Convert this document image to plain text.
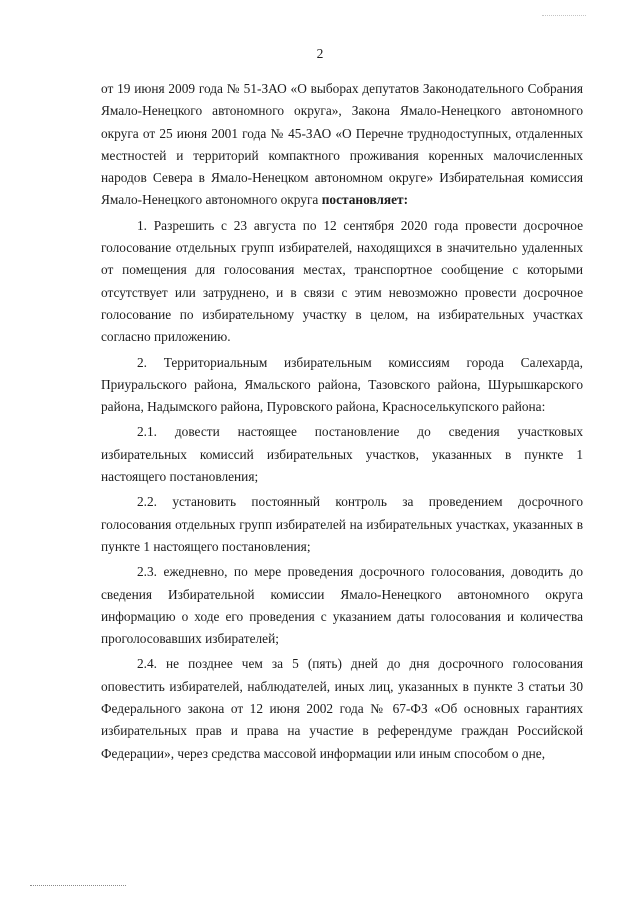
2

от 19 июня 2009 года № 51-ЗАО «О выборах депутатов Законодательного Собрания Ямало-Ненецкого автономного округа», Закона Ямало-Ненецкого автономного округа от 25 июня 2001 года № 45-ЗАО «О Перечне труднодоступных, отдаленных местностей и территорий компактного проживания коренных малочисленных народов Севера в Ямало-Ненецком автономном округе» Избирательная комиссия Ямало-Ненецкого автономного округа постановляет:

1. Разрешить с 23 августа по 12 сентября 2020 года провести досрочное голосование отдельных групп избирателей, находящихся в значительно удаленных от помещения для голосования местах, транспортное сообщение с которыми отсутствует или затруднено, и в связи с этим невозможно провести досрочное голосование по избирательному участку в целом, на избирательных участках согласно приложению.

2. Территориальным избирательным комиссиям города Салехарда, Приуральского района, Ямальского района, Тазовского района, Шурышкарского района, Надымского района, Пуровского района, Красноселькупского района:

2.1. довести настоящее постановление до сведения участковых избирательных комиссий избирательных участков, указанных в пункте 1 настоящего постановления;

2.2. установить постоянный контроль за проведением досрочного голосования отдельных групп избирателей на избирательных участках, указанных в пункте 1 настоящего постановления;

2.3. ежедневно, по мере проведения досрочного голосования, доводить до сведения Избирательной комиссии Ямало-Ненецкого автономного округа информацию о ходе его проведения с указанием даты голосования и количества проголосовавших избирателей;

2.4. не позднее чем за 5 (пять) дней до дня досрочного голосования оповестить избирателей, наблюдателей, иных лиц, указанных в пункте 3 статьи 30 Федерального закона от 12 июня 2002 года № 67-ФЗ «Об основных гарантиях избирательных прав и права на участие в референдуме граждан Российской Федерации», через средства массовой информации или иным способом о дне,
